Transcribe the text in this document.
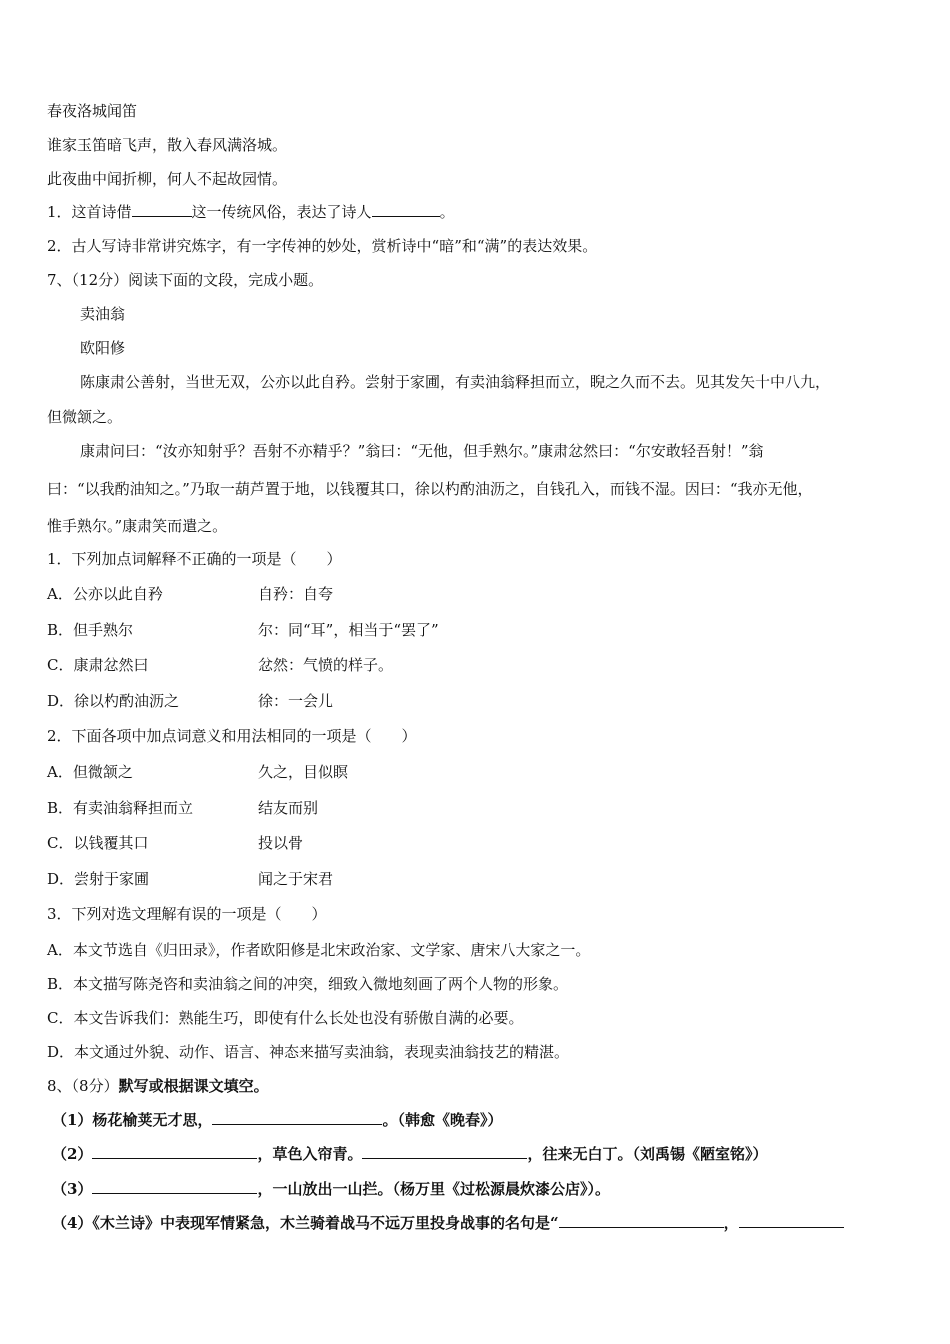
春夜洛城闻笛
谁家玉笛暗飞声，散入春风满洛城。
此夜曲中闻折柳，何人不起故园情。
1．这首诗借	这一传统风俗，表达了诗人	。
2．古人写诗非常讲究炼字，有一字传神的妙处，赏析诗中“暗”和“满”的表达效果。
7、（12分）阅读下面的文段，完成小题。
卖油翁
欧阳修
陈康肃公善射，当世无双，公亦以此自矜。尝射于家圃，有卖油翁释担而立，睨之久而不去。见其发矢十中八九，
但微颔之。
康肃问曰：“汝亦知射乎？吾射不亦精乎？”翁曰：“无他，但手熟尔。”康肃忿然曰：“尔安敢轻吾射！”翁
曰：“以我酌油知之。”乃取一葫芦置于地，以钱覆其口，徐以杓酌油沥之，自钱孔入，而钱不湿。因曰：“我亦无他，
惟手熟尔。”康肃笑而遣之。
1．下列加点词解释不正确的一项是（　　）
A．公亦以此自矜	自矜：自夸
B．但手熟尔	尔：同“耳”，相当于“罢了”
C．康肃忿然曰	忿然：气愤的样子。
D．徐以杓酌油沥之	徐：一会儿
2．下面各项中加点词意义和用法相同的一项是（　　）
A．但微颔之	久之，目似瞑
B．有卖油翁释担而立	结友而别
C．以钱覆其口	投以骨
D．尝射于家圃	闻之于宋君
3．下列对选文理解有误的一项是（　　）
A．本文节选自《归田录》，作者欧阳修是北宋政治家、文学家、唐宋八大家之一。
B．本文描写陈尧咨和卖油翁之间的冲突，细致入微地刻画了两个人物的形象。
C．本文告诉我们：熟能生巧，即使有什么长处也没有骄傲自满的必要。
D．本文通过外貌、动作、语言、神态来描写卖油翁，表现卖油翁技艺的精湛。
8、（8分）默写或根据课文填空。
（1）杨花榆荚无才思，	。（韩愈《晚春》）
（2）	，草色入帘青。	，往来无白丁。（刘禹锡《陋室铭》）
（3）	，一山放出一山拦。（杨万里《过松源晨炊漆公店》）。
（4）《木兰诗》中表现军情紧急，木兰骑着战马不远万里投身战事的名句是“	，
